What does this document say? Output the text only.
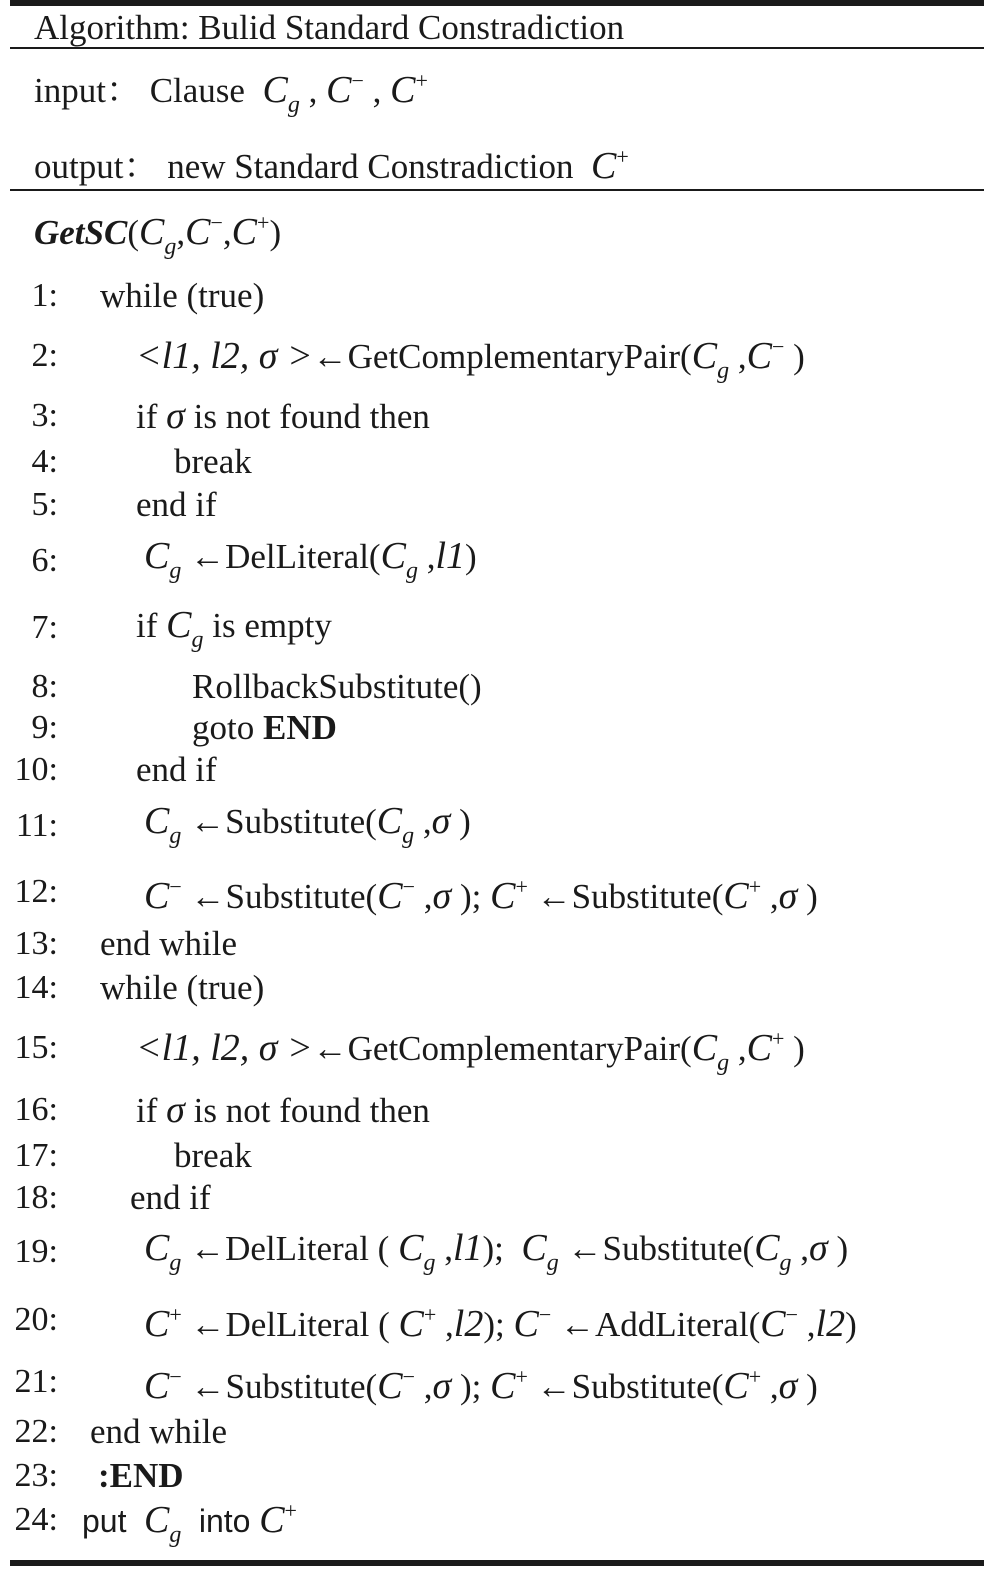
Algorithm: Bulid Standard Constradiction
input： Clause $C_g$ , C− , C+
output： new Standard Constradiction C+
$GetSC(C_g,C^-,C^+)$
1:
2:
3:
4:
5:
6:
7:
8:
9:
10:
11:
12:
13:
14:
15:
16:
17:
18:
19:
20:
21:
22:
23:
24:
while (true)
<l1, l2, $\sigma >\leftarrow GetComplementaryPair(C_g$ ,C− )
if σ is not found then
break
end if
$C_g$ $\leftarrow DelLiteral(C_g$ ,l1)
if $C_g$ is empty
RollbackSubstitute()
goto END
end if
$C_g$ $\leftarrow Substitute(C_g$ ,σ )
C− ←Substitute(C− ,σ ); C+ ←Substitute(C+ ,σ )
end while
while (true)
<l1, l2, $\sigma >\leftarrow GetComplementaryPair(C_g$ ,C+ )
if σ is not found then
break
end if
$C_g$ ←DelLiteral ( $C_g$ ,l1);  $C_g$ $\leftarrow Substitute(C_g$ ,σ )
C+ ←DelLiteral ( C+ ,l2); C− ←AddLiteral(C− ,l2)
C− ←Substitute(C− ,σ ); C+ ←Substitute(C+ ,σ )
end while
:END
put $C_g$ into C+
